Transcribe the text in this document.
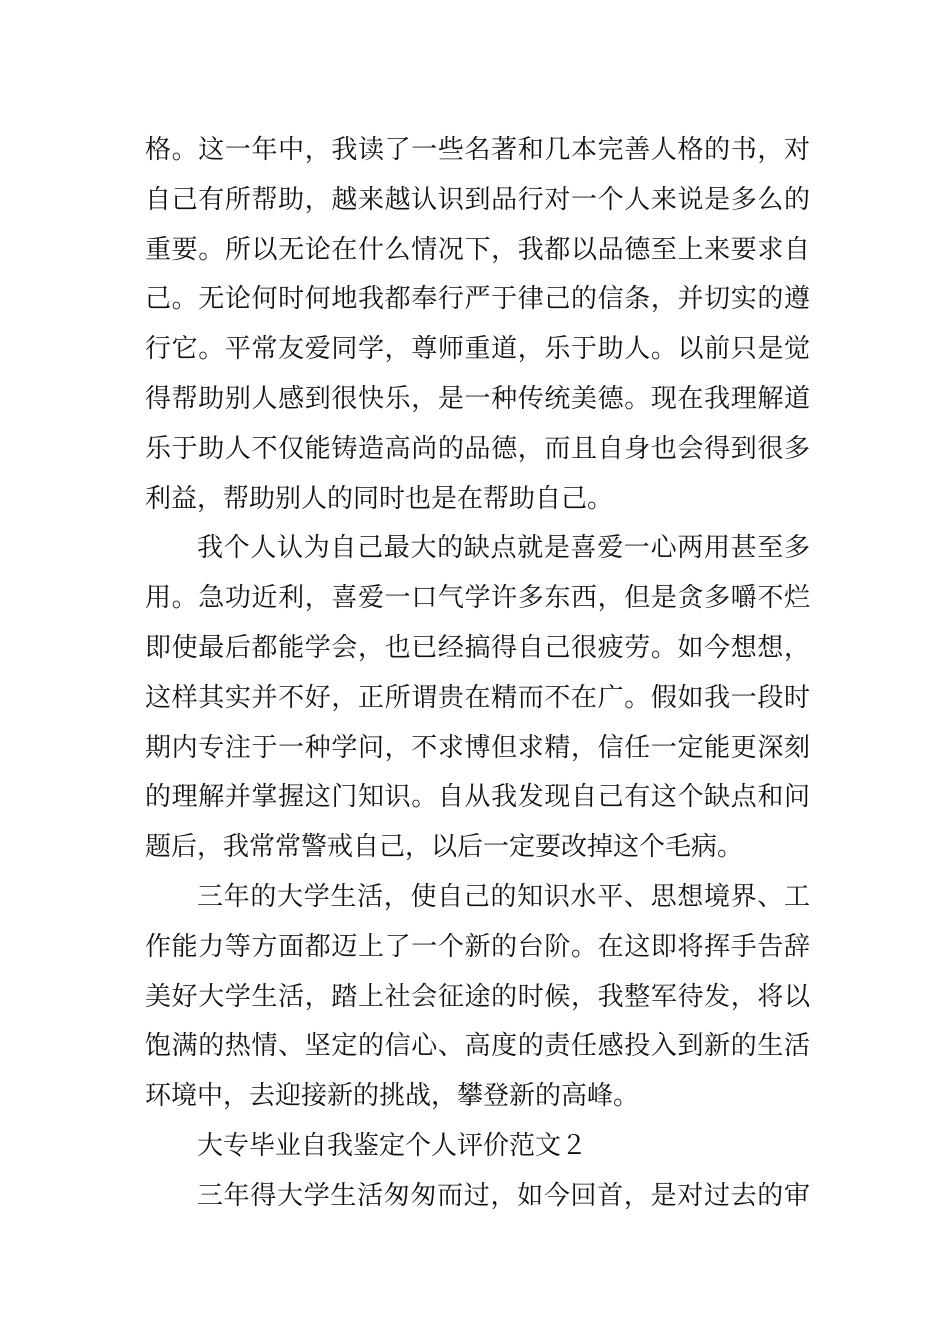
格。这一年中，我读了一些名著和几本完善人格的书，对
自己有所帮助，越来越认识到品行对一个人来说是多么的
重要。所以无论在什么情况下，我都以品德至上来要求自
己。无论何时何地我都奉行严于律己的信条，并切实的遵
行它。平常友爱同学，尊师重道，乐于助人。以前只是觉
得帮助别人感到很快乐，是一种传统美德。现在我理解道
乐于助人不仅能铸造高尚的品德，而且自身也会得到很多
利益，帮助别人的同时也是在帮助自己。
我个人认为自己最大的缺点就是喜爱一心两用甚至多
用。急功近利，喜爱一口气学许多东西，但是贪多嚼不烂
即使最后都能学会，也已经搞得自己很疲劳。如今想想，
这样其实并不好，正所谓贵在精而不在广。假如我一段时
期内专注于一种学问，不求博但求精，信任一定能更深刻
的理解并掌握这门知识。自从我发现自己有这个缺点和问
题后，我常常警戒自己，以后一定要改掉这个毛病。
三年的大学生活，使自己的知识水平、思想境界、工
作能力等方面都迈上了一个新的台阶。在这即将挥手告辞
美好大学生活，踏上社会征途的时候，我整军待发，将以
饱满的热情、坚定的信心、高度的责任感投入到新的生活
环境中，去迎接新的挑战，攀登新的高峰。
大专毕业自我鉴定个人评价范文２
三年得大学生活匆匆而过，如今回首，是对过去的审
